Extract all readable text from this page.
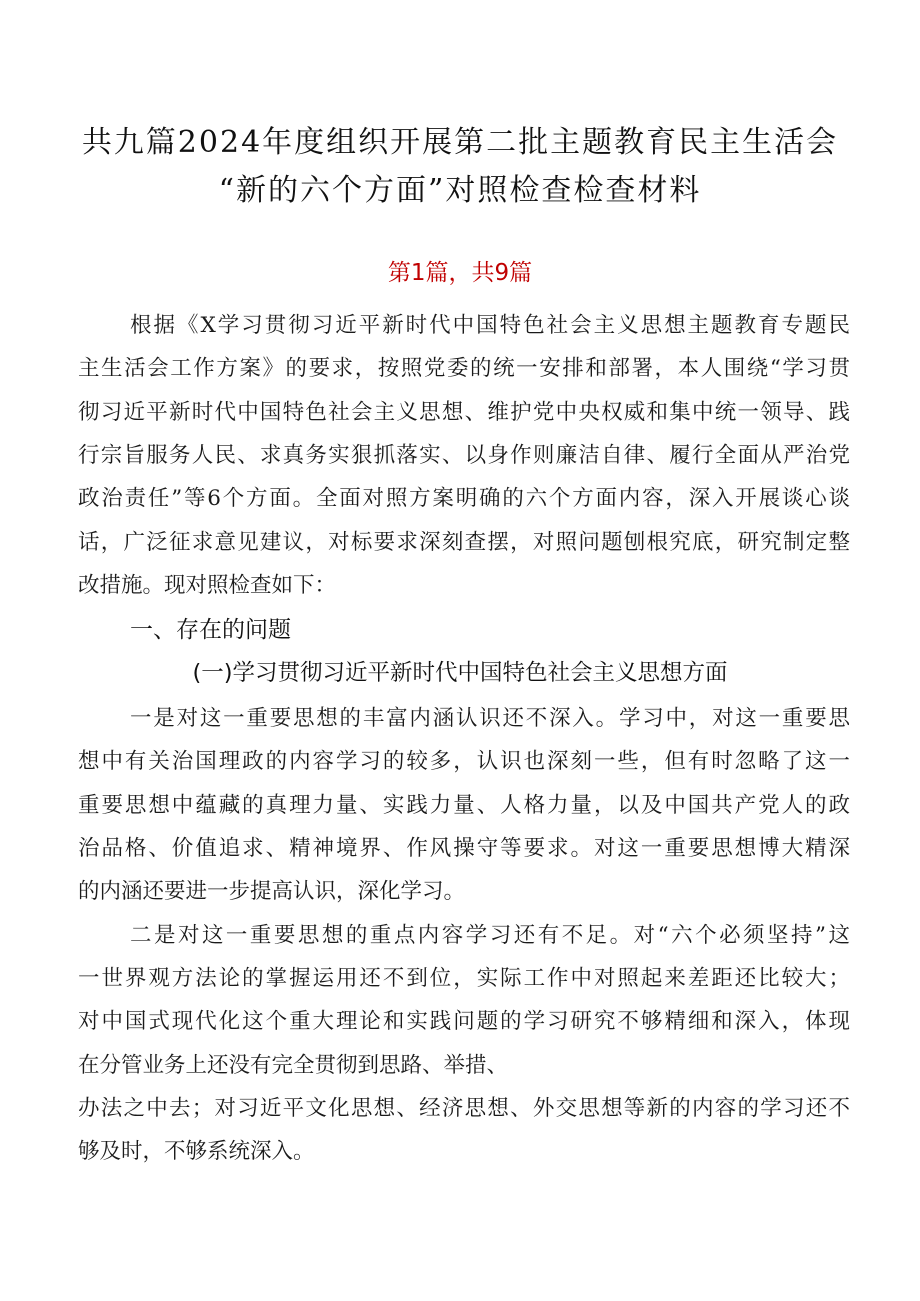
共九篇2024年度组织开展第二批主题教育民主生活会
“新的六个方面”对照检查检查材料
第1篇，共9篇
根据《X学习贯彻习近平新时代中国特色社会主义思想主题教育专题民
主生活会工作方案》的要求，按照党委的统一安排和部署，本人围绕“学习贯
彻习近平新时代中国特色社会主义思想、维护党中央权威和集中统一领导、践
行宗旨服务人民、求真务实狠抓落实、以身作则廉洁自律、履行全面从严治党
政治责任”等6个方面。全面对照方案明确的六个方面内容，深入开展谈心谈
话，广泛征求意见建议，对标要求深刻查摆，对照问题刨根究底，研究制定整
改措施。现对照检查如下：
一、存在的问题
(一)学习贯彻习近平新时代中国特色社会主义思想方面
一是对这一重要思想的丰富内涵认识还不深入。学习中，对这一重要思
想中有关治国理政的内容学习的较多，认识也深刻一些，但有时忽略了这一
重要思想中蕴藏的真理力量、实践力量、人格力量，以及中国共产党人的政
治品格、价值追求、精神境界、作风操守等要求。对这一重要思想博大精深
的内涵还要进一步提高认识，深化学习。
二是对这一重要思想的重点内容学习还有不足。对“六个必须坚持”这
一世界观方法论的掌握运用还不到位，实际工作中对照起来差距还比较大；
对中国式现代化这个重大理论和实践问题的学习研究不够精细和深入，体现
在分管业务上还没有完全贯彻到思路、举措、
办法之中去；对习近平文化思想、经济思想、外交思想等新的内容的学习还不
够及时，不够系统深入。
